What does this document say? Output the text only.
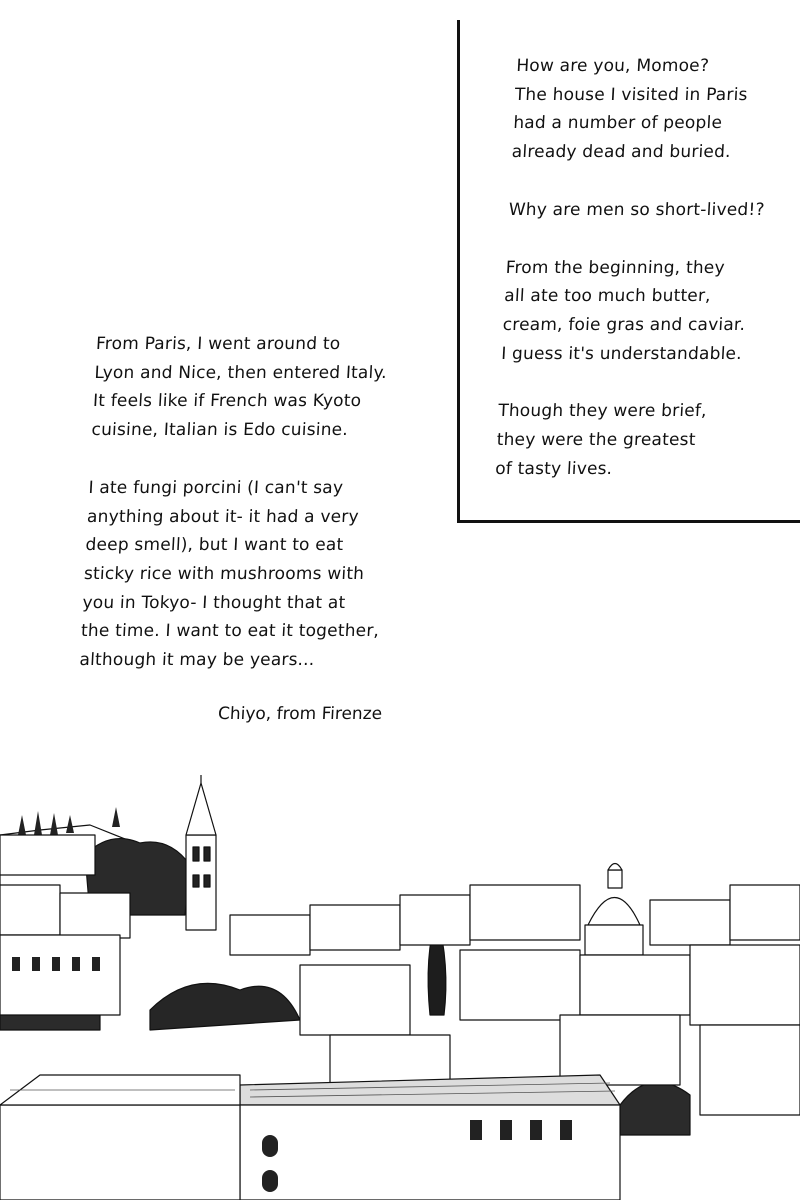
How are you, Momoe?
The house I visited in Paris
had a number of people
already dead and buried.

Why are men so short-lived!?

From the beginning, they
all ate too much butter,
cream, foie gras and caviar.
I guess it's understandable.

Though they were brief,
they were the greatest
of tasty lives.

From Paris, I went around to
Lyon and Nice, then entered Italy.
It feels like if French was Kyoto
cuisine, Italian is Edo cuisine.

I ate fungi porcini (I can't say
anything about it- it had a very
deep smell), but I want to eat
sticky rice with mushrooms with
you in Tokyo- I thought that at
the time. I want to eat it together,
although it may be years...

Chiyo, from Firenze
